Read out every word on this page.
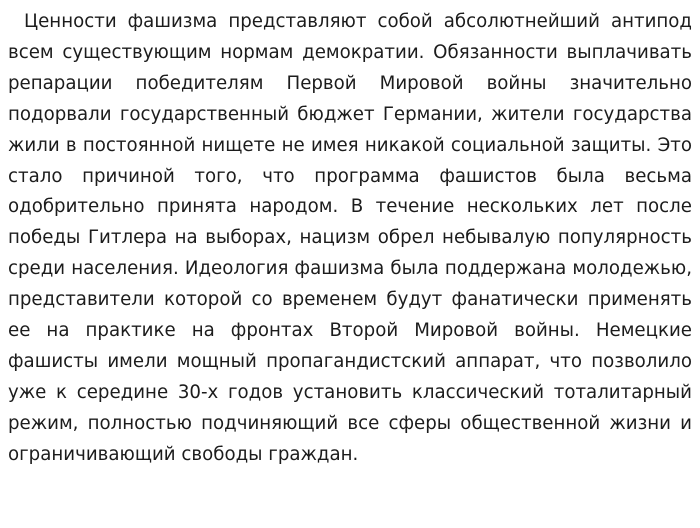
Ценности фашизма представляют собой абсолютнейший антипод всем существующим нормам демократии. Обязанности выплачивать репарации победителям Первой Мировой войны значительно подорвали государственный бюджет Германии, жители государства жили в постоянной нищете не имея никакой социальной защиты. Это стало причиной того, что программа фашистов была весьма одобрительно принята народом. В течение нескольких лет после победы Гитлера на выборах, нацизм обрел небывалую популярность среди населения. Идеология фашизма была поддержана молодежью, представители которой со временем будут фанатически применять ее на практике на фронтах Второй Мировой войны. Немецкие фашисты имели мощный пропагандистский аппарат, что позволило уже к середине 30-х годов установить классический тоталитарный режим, полностью подчиняющий все сферы общественной жизни и ограничивающий свободы граждан.
